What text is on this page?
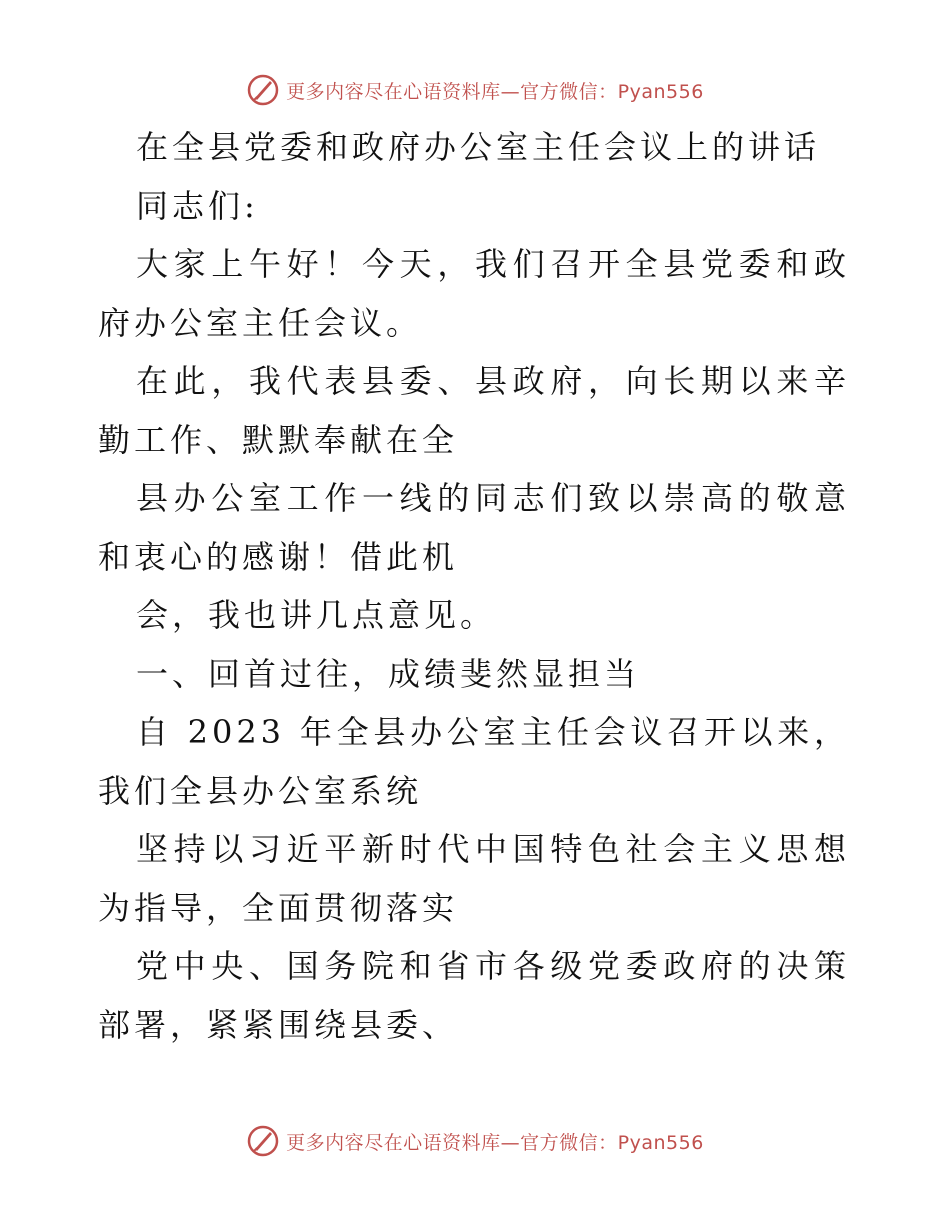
更多内容尽在心语资料库—官方微信：Pyan556

在全县党委和政府办公室主任会议上的讲话

同志们:

大家上午好！今天，我们召开全县党委和政府办公室主任会议。

在此，我代表县委、县政府，向长期以来辛勤工作、默默奉献在全

县办公室工作一线的同志们致以崇高的敬意和衷心的感谢！借此机

会，我也讲几点意见。

一、回首过往，成绩斐然显担当

自 2023 年全县办公室主任会议召开以来，我们全县办公室系统

坚持以习近平新时代中国特色社会主义思想为指导，全面贯彻落实

党中央、国务院和省市各级党委政府的决策部署，紧紧围绕县委、

更多内容尽在心语资料库—官方微信：Pyan556
